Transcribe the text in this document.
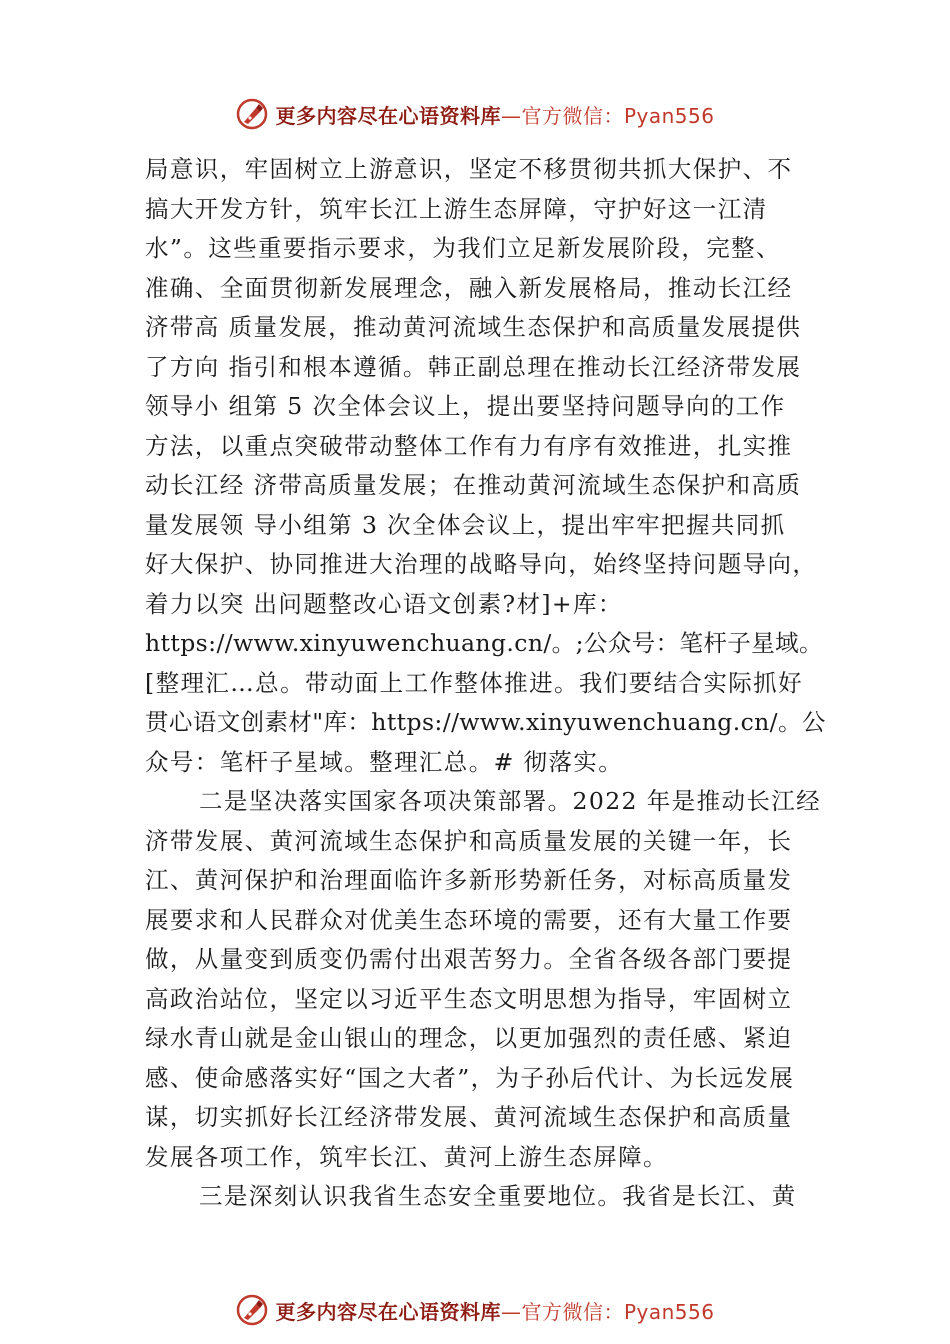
更多内容尽在心语资料库—官方微信：Pyan556
局意识，牢固树立上游意识，坚定不移贯彻共抓大保护、不
搞大开发方针，筑牢长江上游生态屏障，守护好这一江清
水”。这些重要指示要求，为我们立足新发展阶段，完整、
准确、全面贯彻新发展理念，融入新发展格局，推动长江经
济带高 质量发展，推动黄河流域生态保护和高质量发展提供
了方向 指引和根本遵循。韩正副总理在推动长江经济带发展
领导小 组第 5 次全体会议上，提出要坚持问题导向的工作
方法，以重点突破带动整体工作有力有序有效推进，扎实推
动长江经 济带高质量发展；在推动黄河流域生态保护和高质
量发展领 导小组第 3 次全体会议上，提出牢牢把握共同抓
好大保护、协同推进大治理的战略导向，始终坚持问题导向，
着力以突 出问题整改心语文创素?材]+库：
https://www.xinyuwenchuang.cn/。;公众号：笔杆子星域。
[整理汇…总。带动面上工作整体推进。我们要结合实际抓好
贯心语文创素材"库：https://www.xinyuwenchuang.cn/。公
众号：笔杆子星域。整理汇总。# 彻落实。
二是坚决落实国家各项决策部署。2022 年是推动长江经
济带发展、黄河流域生态保护和高质量发展的关键一年，长
江、黄河保护和治理面临许多新形势新任务，对标高质量发
展要求和人民群众对优美生态环境的需要，还有大量工作要
做，从量变到质变仍需付出艰苦努力。全省各级各部门要提
高政治站位，坚定以习近平生态文明思想为指导，牢固树立
绿水青山就是金山银山的理念，以更加强烈的责任感、紧迫
感、使命感落实好“国之大者”，为子孙后代计、为长远发展
谋，切实抓好长江经济带发展、黄河流域生态保护和高质量
发展各项工作，筑牢长江、黄河上游生态屏障。
三是深刻认识我省生态安全重要地位。我省是长江、黄
更多内容尽在心语资料库—官方微信：Pyan556
